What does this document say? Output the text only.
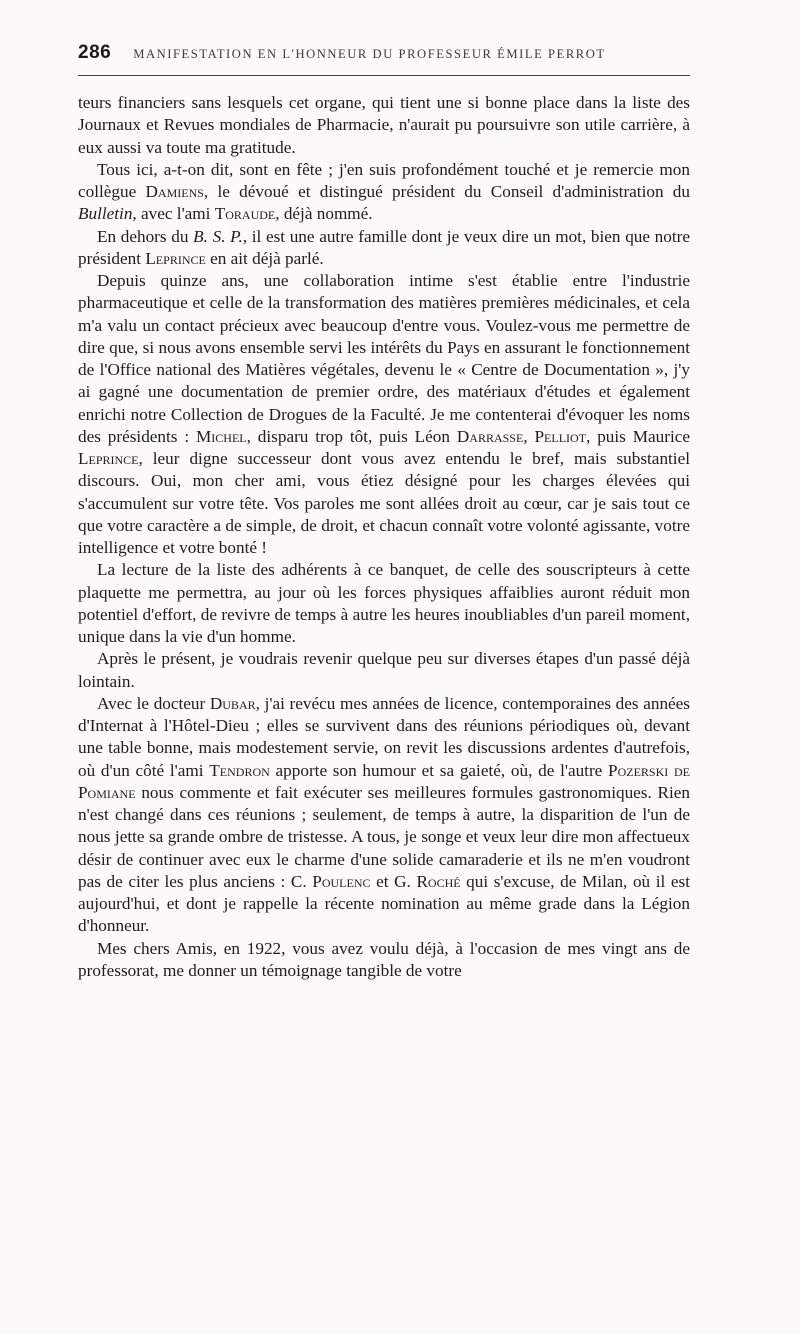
286 MANIFESTATION EN L'HONNEUR DU PROFESSEUR ÉMILE PERROT

teurs financiers sans lesquels cet organe, qui tient une si bonne place dans la liste des Journaux et Revues mondiales de Pharmacie, n'aurait pu poursuivre son utile carrière, à eux aussi va toute ma gratitude.

Tous ici, a-t-on dit, sont en fête ; j'en suis profondément touché et je remercie mon collègue Damiens, le dévoué et distingué président du Conseil d'administration du Bulletin, avec l'ami Toraude, déjà nommé.

En dehors du B. S. P., il est une autre famille dont je veux dire un mot, bien que notre président Leprince en ait déjà parlé.

Depuis quinze ans, une collaboration intime s'est établie entre l'industrie pharmaceutique et celle de la transformation des matières premières médicinales, et cela m'a valu un contact précieux avec beaucoup d'entre vous. Voulez-vous me permettre de dire que, si nous avons ensemble servi les intérêts du Pays en assurant le fonctionnement de l'Office national des Matières végétales, devenu le « Centre de Documentation », j'y ai gagné une documentation de premier ordre, des matériaux d'études et également enrichi notre Collection de Drogues de la Faculté. Je me contenterai d'évoquer les noms des présidents : Michel, disparu trop tôt, puis Léon Darrasse, Pelliot, puis Maurice Leprince, leur digne successeur dont vous avez entendu le bref, mais substantiel discours. Oui, mon cher ami, vous étiez désigné pour les charges élevées qui s'accumulent sur votre tête. Vos paroles me sont allées droit au cœur, car je sais tout ce que votre caractère a de simple, de droit, et chacun connaît votre volonté agissante, votre intelligence et votre bonté !

La lecture de la liste des adhérents à ce banquet, de celle des souscripteurs à cette plaquette me permettra, au jour où les forces physiques affaiblies auront réduit mon potentiel d'effort, de revivre de temps à autre les heures inoubliables d'un pareil moment, unique dans la vie d'un homme.

Après le présent, je voudrais revenir quelque peu sur diverses étapes d'un passé déjà lointain.

Avec le docteur Dubar, j'ai revécu mes années de licence, contemporaines des années d'Internat à l'Hôtel-Dieu ; elles se survivent dans des réunions périodiques où, devant une table bonne, mais modestement servie, on revit les discussions ardentes d'autrefois, où d'un côté l'ami Tendron apporte son humour et sa gaieté, où, de l'autre Pozerski de Pomiane nous commente et fait exécuter ses meilleures formules gastronomiques. Rien n'est changé dans ces réunions ; seulement, de temps à autre, la disparition de l'un de nous jette sa grande ombre de tristesse. A tous, je songe et veux leur dire mon affectueux désir de continuer avec eux le charme d'une solide camaraderie et ils ne m'en voudront pas de citer les plus anciens : C. Poulenc et G. Roché qui s'excuse, de Milan, où il est aujourd'hui, et dont je rappelle la récente nomination au même grade dans la Légion d'honneur.

Mes chers Amis, en 1922, vous avez voulu déjà, à l'occasion de mes vingt ans de professorat, me donner un témoignage tangible de votre
